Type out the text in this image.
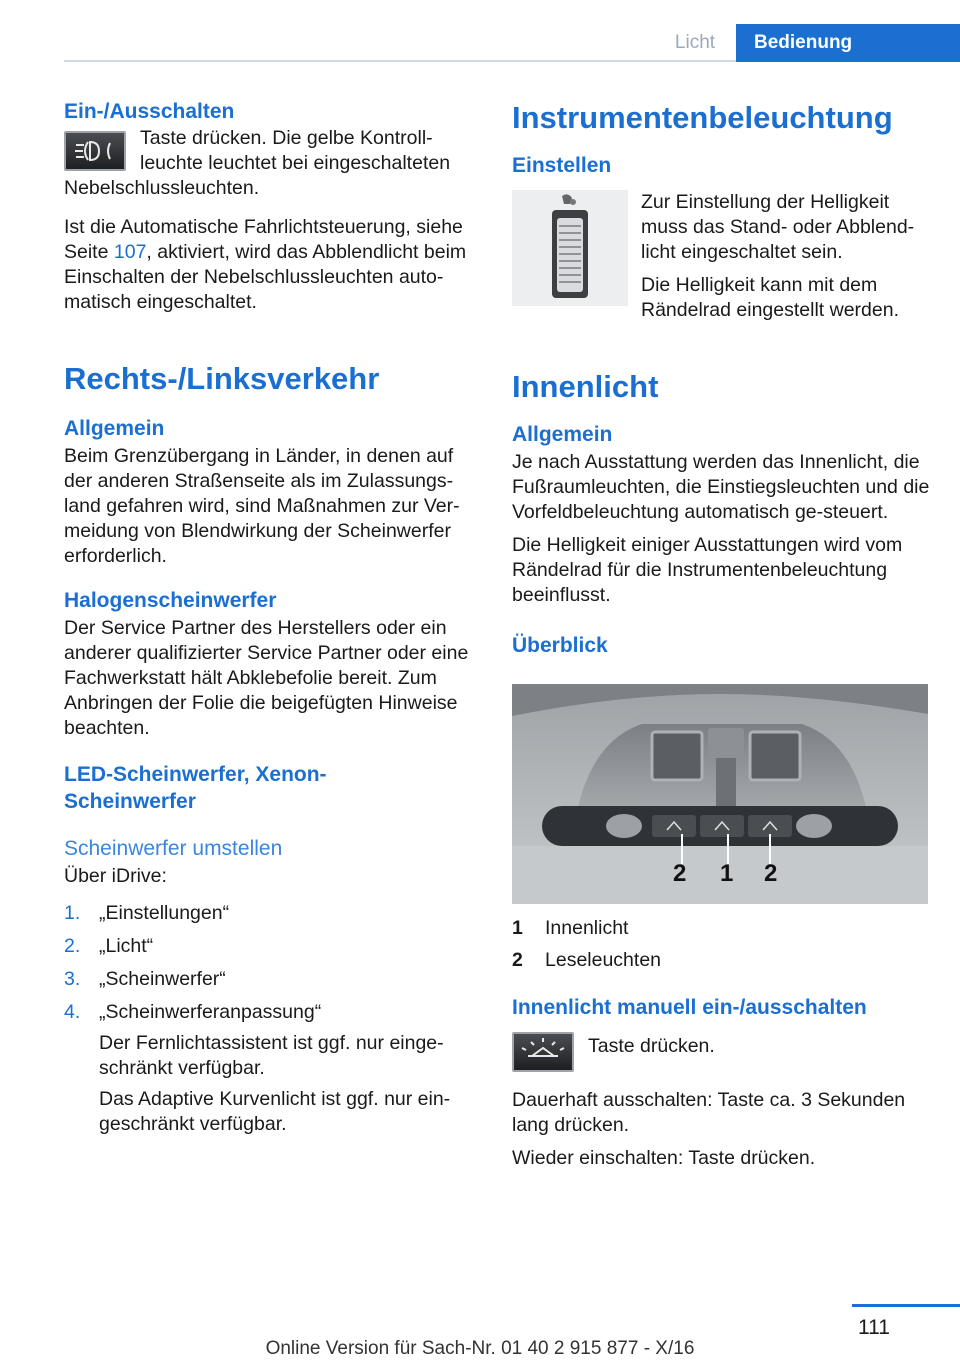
Licht	Bedienung
Ein-/Ausschalten

Taste drücken. Die gelbe Kontroll-leuchte leuchtet bei eingeschalteten Nebelschlussleuchten.

Ist die Automatische Fahrlichtsteuerung, siehe Seite 107, aktiviert, wird das Abblendlicht beim Einschalten der Nebelschlussleuchten auto-matisch eingeschaltet.

Rechts-/Linksverkehr
Allgemein

Beim Grenzübergang in Länder, in denen auf der anderen Straßenseite als im Zulassungs-land gefahren wird, sind Maßnahmen zur Ver-meidung von Blendwirkung der Scheinwerfer erforderlich.

Halogenscheinwerfer

Der Service Partner des Herstellers oder ein anderer qualifizierter Service Partner oder eine Fachwerkstatt hält Abklebefolie bereit. Zum Anbringen der Folie die beigefügten Hinweise beachten.

LED-Scheinwerfer, Xenon-Scheinwerfer
Scheinwerfer umstellen

Über iDrive:

1. „Einstellungen“
2. „Licht“
3. „Scheinwerfer“
4. „Scheinwerferanpassung“

Der Fernlichtassistent ist ggf. nur einge-schränkt verfügbar.

Das Adaptive Kurvenlicht ist ggf. nur ein-geschränkt verfügbar.

Instrumentenbeleuchtung
Einstellen

Zur Einstellung der Helligkeit muss das Stand- oder Abblend-licht eingeschaltet sein.

Die Helligkeit kann mit dem Rändelrad eingestellt werden.

Innenlicht
Allgemein

Je nach Ausstattung werden das Innenlicht, die Fußraumleuchten, die Einstiegsleuchten und die Vorfeldbeleuchtung automatisch ge-steuert.

Die Helligkeit einiger Ausstattungen wird vom Rändelrad für die Instrumentenbeleuchtung beeinflusst.

Überblick
2 1 2
1 Innenlicht
2 Leseleuchten
Innenlicht manuell ein-/ausschalten

Taste drücken.

Dauerhaft ausschalten: Taste ca. 3 Sekunden lang drücken.

Wieder einschalten: Taste drücken.

111
Online Version für Sach-Nr. 01 40 2 915 877 - X/16
